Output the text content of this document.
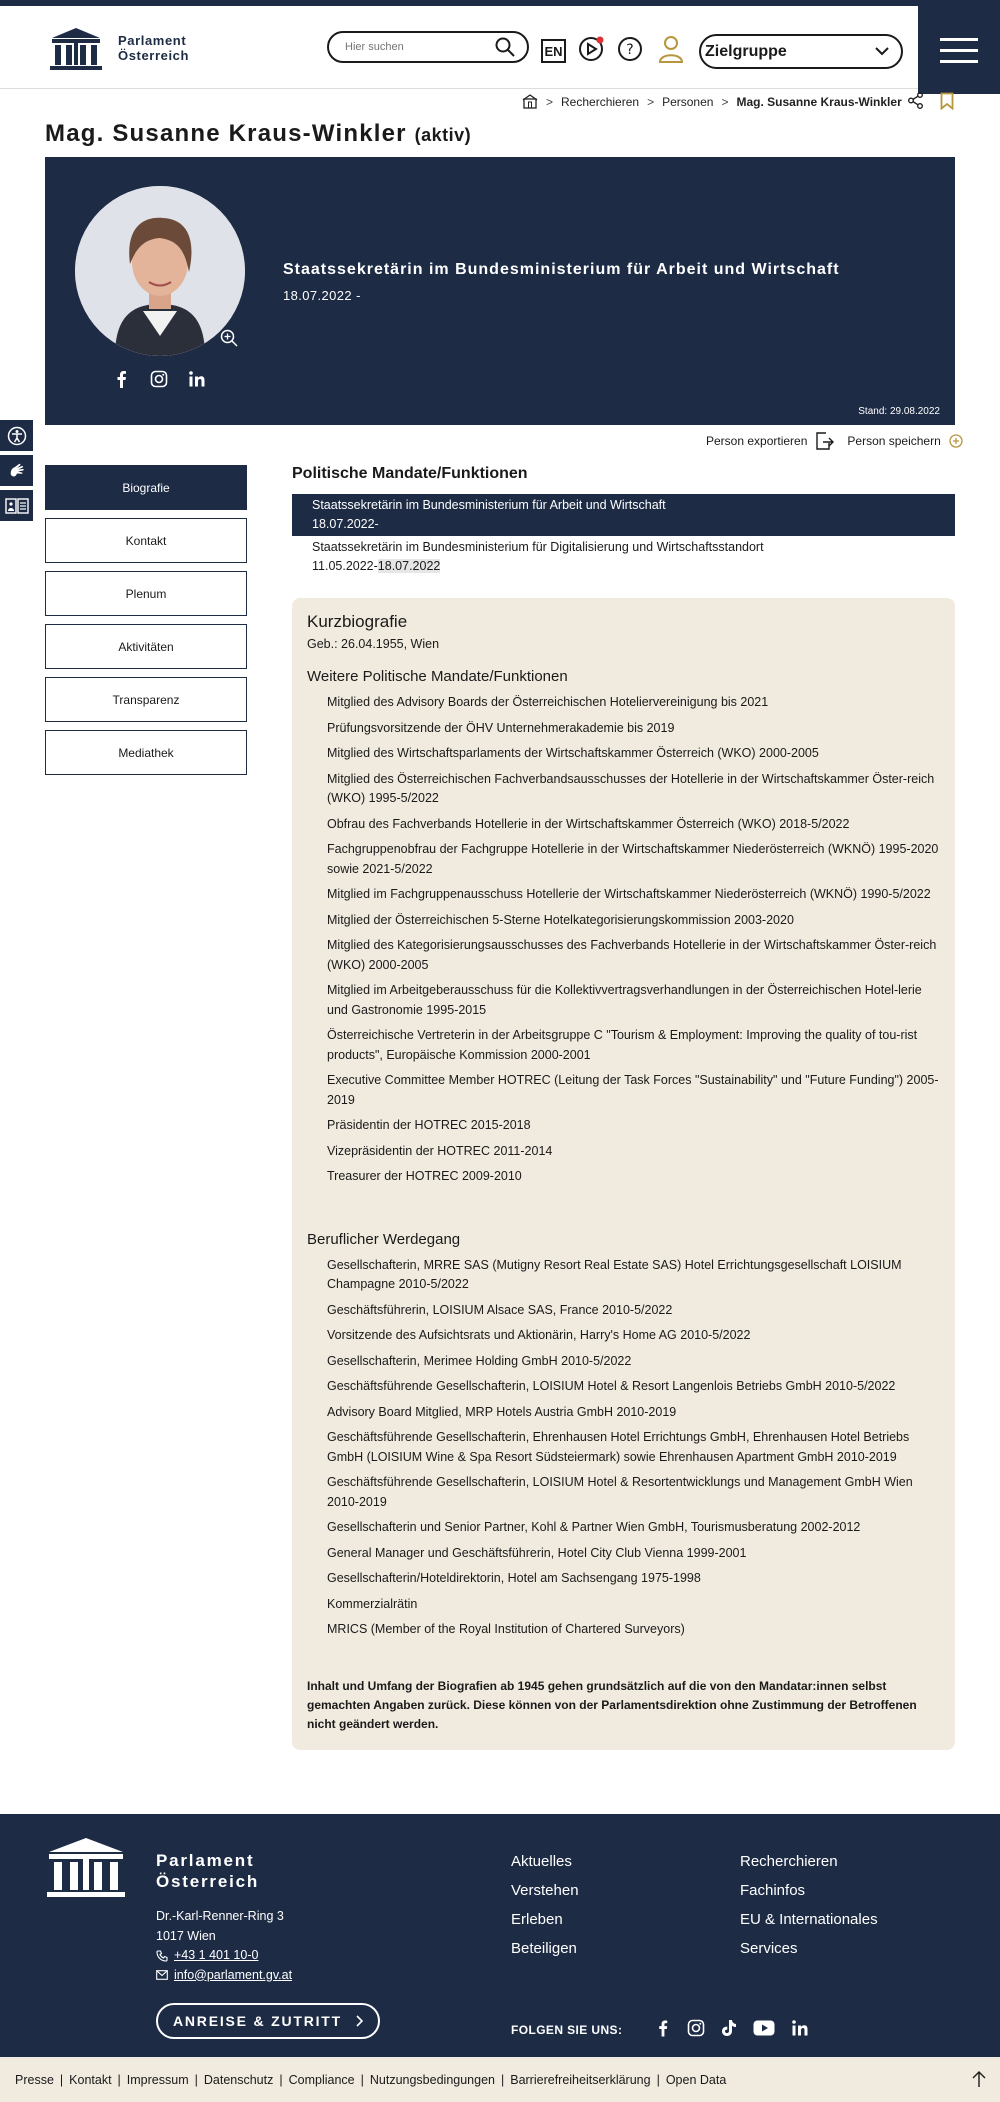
Parlament
Österreich
Hier suchen	EN	?	Zielgruppe
> Recherchieren > Personen > Mag. Susanne Kraus-Winkler
Mag. Susanne Kraus-Winkler (aktiv)
Staatssekretärin im Bundesministerium für Arbeit und Wirtschaft
18.07.2022 -
Stand: 29.08.2022
Person exportieren	Person speichern
Biografie
Kontakt
Plenum
Aktivitäten
Transparenz
Mediathek
Politische Mandate/Funktionen
Staatssekretärin im Bundesministerium für Arbeit und Wirtschaft
18.07.2022-
Staatssekretärin im Bundesministerium für Digitalisierung und Wirtschaftsstandort
11.05.2022-18.07.2022
Kurzbiografie
Geb.: 26.04.1955, Wien
Weitere Politische Mandate/Funktionen
Mitglied des Advisory Boards der Österreichischen Hoteliervereinigung bis 2021
Prüfungsvorsitzende der ÖHV Unternehmerakademie bis 2019
Mitglied des Wirtschaftsparlaments der Wirtschaftskammer Österreich (WKO) 2000-2005
Mitglied des Österreichischen Fachverbandsausschusses der Hotellerie in der Wirtschaftskammer Öster-reich (WKO) 1995-5/2022
Obfrau des Fachverbands Hotellerie in der Wirtschaftskammer Österreich (WKO) 2018-5/2022
Fachgruppenobfrau der Fachgruppe Hotellerie in der Wirtschaftskammer Niederösterreich (WKNÖ) 1995-2020 sowie 2021-5/2022
Mitglied im Fachgruppenausschuss Hotellerie der Wirtschaftskammer Niederösterreich (WKNÖ) 1990-5/2022
Mitglied der Österreichischen 5-Sterne Hotelkategorisierungskommission 2003-2020
Mitglied des Kategorisierungsausschusses des Fachverbands Hotellerie in der Wirtschaftskammer Öster-reich (WKO) 2000-2005
Mitglied im Arbeitgeberausschuss für die Kollektivvertragsverhandlungen in der Österreichischen Hotel-lerie und Gastronomie 1995-2015
Österreichische Vertreterin in der Arbeitsgruppe C "Tourism & Employment: Improving the quality of tou-rist products", Europäische Kommission 2000-2001
Executive Committee Member HOTREC (Leitung der Task Forces "Sustainability" und "Future Funding") 2005-2019
Präsidentin der HOTREC 2015-2018
Vizepräsidentin der HOTREC 2011-2014
Treasurer der HOTREC 2009-2010
Beruflicher Werdegang
Gesellschafterin, MRRE SAS (Mutigny Resort Real Estate SAS) Hotel Errichtungsgesellschaft LOISIUM Champagne 2010-5/2022
Geschäftsführerin, LOISIUM Alsace SAS, France 2010-5/2022
Vorsitzende des Aufsichtsrats und Aktionärin, Harry's Home AG 2010-5/2022
Gesellschafterin, Merimee Holding GmbH 2010-5/2022
Geschäftsführende Gesellschafterin, LOISIUM Hotel & Resort Langenlois Betriebs GmbH 2010-5/2022
Advisory Board Mitglied, MRP Hotels Austria GmbH 2010-2019
Geschäftsführende Gesellschafterin, Ehrenhausen Hotel Errichtungs GmbH, Ehrenhausen Hotel Betriebs GmbH (LOISIUM Wine & Spa Resort Südsteiermark) sowie Ehrenhausen Apartment GmbH 2010-2019
Geschäftsführende Gesellschafterin, LOISIUM Hotel & Resortentwicklungs und Management GmbH Wien 2010-2019
Gesellschafterin und Senior Partner, Kohl & Partner Wien GmbH, Tourismusberatung 2002-2012
General Manager und Geschäftsführerin, Hotel City Club Vienna 1999-2001
Gesellschafterin/Hoteldirektorin, Hotel am Sachsengang 1975-1998
Kommerzialrätin
MRICS (Member of the Royal Institution of Chartered Surveyors)
Inhalt und Umfang der Biografien ab 1945 gehen grundsätzlich auf die von den Mandatar:innen selbst gemachten Angaben zurück. Diese können von der Parlamentsdirektion ohne Zustimmung der Betroffenen nicht geändert werden.
Parlament
Österreich
Dr.-Karl-Renner-Ring 3
1017 Wien
+43 1 401 10-0
info@parlament.gv.at
ANREISE & ZUTRITT
Aktuelles
Verstehen
Erleben
Beteiligen
Recherchieren
Fachinfos
EU & Internationales
Services
FOLGEN SIE UNS:
Presse | Kontakt | Impressum | Datenschutz | Compliance | Nutzungsbedingungen | Barrierefreiheitserklärung | Open Data
